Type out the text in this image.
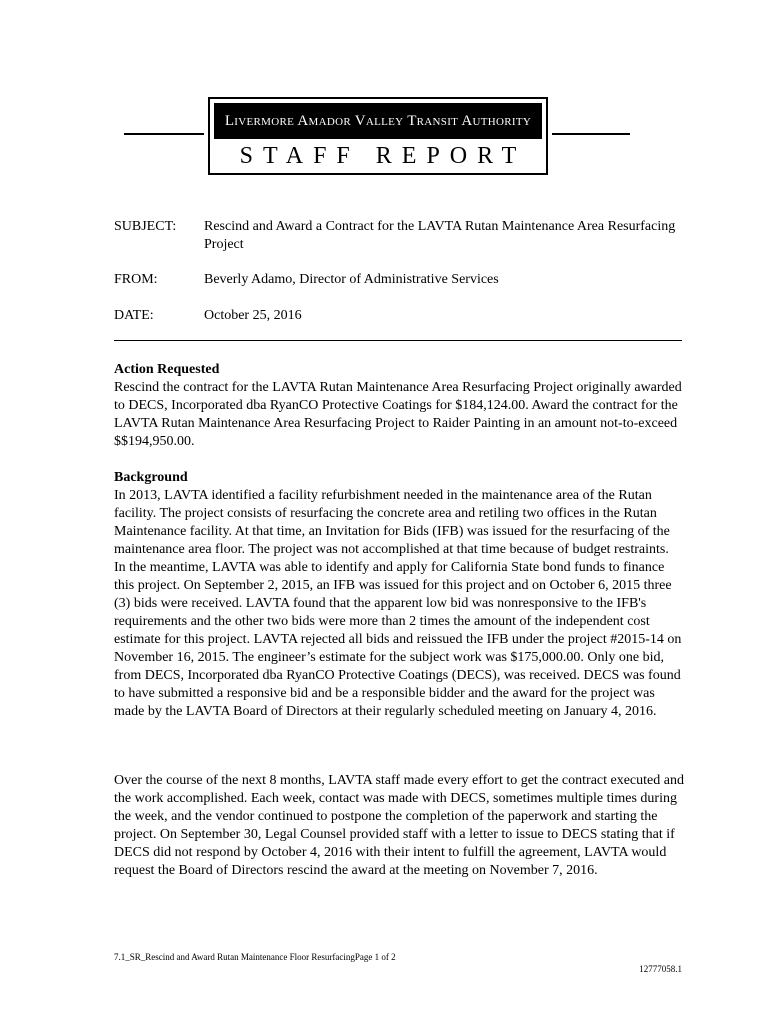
Livermore Amador Valley Transit Authority
STAFF REPORT
SUBJECT:	Rescind and Award a Contract for the LAVTA Rutan Maintenance Area Resurfacing Project
FROM:	Beverly Adamo, Director of Administrative Services
DATE:	October 25, 2016

Action Requested

Rescind the contract for the LAVTA Rutan Maintenance Area Resurfacing Project originally awarded to DECS, Incorporated dba RyanCO Protective Coatings for $184,124.00. Award the contract for the LAVTA Rutan Maintenance Area Resurfacing Project to Raider Painting in an amount not-to-exceed $$194,950.00.

Background

In 2013, LAVTA identified a facility refurbishment needed in the maintenance area of the Rutan facility. The project consists of resurfacing the concrete area and retiling two offices in the Rutan Maintenance facility. At that time, an Invitation for Bids (IFB) was issued for the resurfacing of the maintenance area floor. The project was not accomplished at that time because of budget restraints. In the meantime, LAVTA was able to identify and apply for California State bond funds to finance this project. On September 2, 2015, an IFB was issued for this project and on October 6, 2015 three (3) bids were received. LAVTA found that the apparent low bid was nonresponsive to the IFB's requirements and the other two bids were more than 2 times the amount of the independent cost estimate for this project. LAVTA rejected all bids and reissued the IFB under the project #2015-14 on November 16, 2015. The engineer’s estimate for the subject work was $175,000.00. Only one bid, from DECS, Incorporated dba RyanCO Protective Coatings (DECS), was received. DECS was found to have submitted a responsive bid and be a responsible bidder and the award for the project was made by the LAVTA Board of Directors at their regularly scheduled meeting on January 4, 2016.

Over the course of the next 8 months, LAVTA staff made every effort to get the contract executed and the work accomplished. Each week, contact was made with DECS, sometimes multiple times during the week, and the vendor continued to postpone the completion of the paperwork and starting the project. On September 30, Legal Counsel provided staff with a letter to issue to DECS stating that if DECS did not respond by October 4, 2016 with their intent to fulfill the agreement, LAVTA would request the Board of Directors rescind the award at the meeting on November 7, 2016.

7.1_SR_Rescind and Award Rutan Maintenance Floor ResurfacingPage 1 of 2
12777058.1
